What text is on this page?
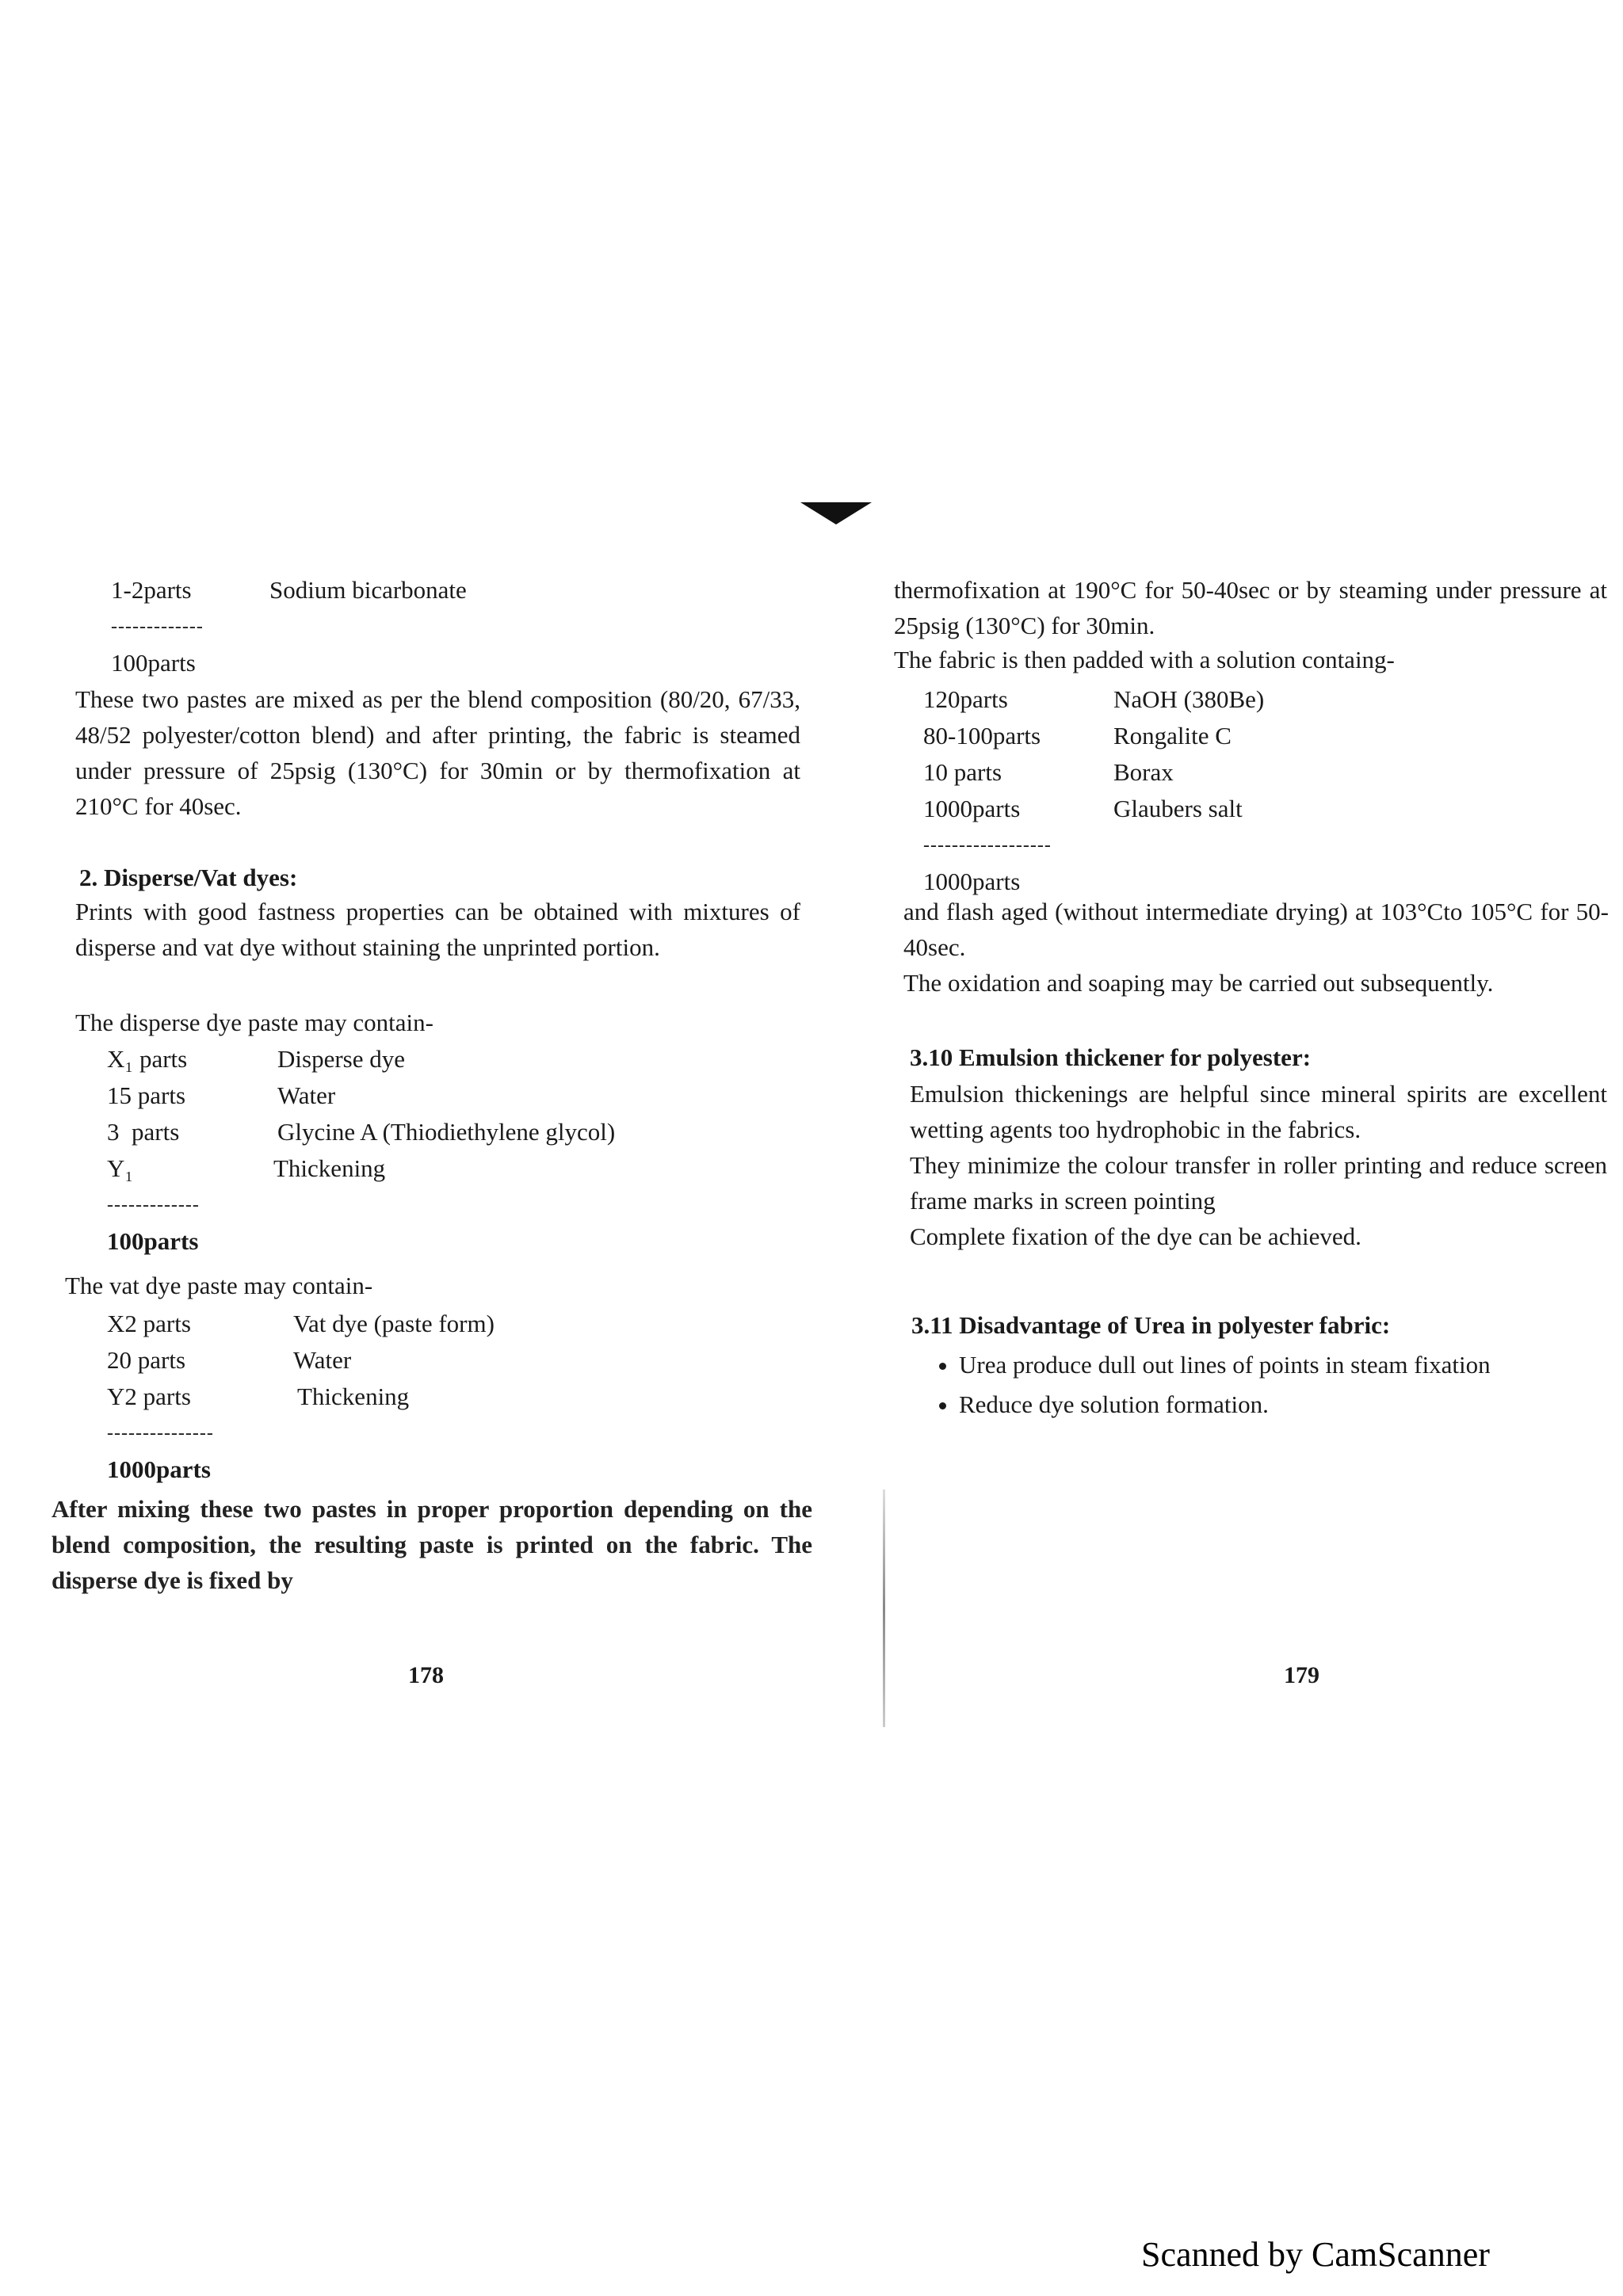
1-2parts	Sodium bicarbonate
-------------
100parts
These two pastes are mixed as per the blend composition (80/20, 67/33, 48/52 polyester/cotton blend) and after printing, the fabric is steamed under pressure of 25psig (130°C) for 30min or by thermofixation at 210°C for 40sec.
2. Disperse/Vat dyes:
Prints with good fastness properties can be obtained with mixtures of disperse and vat dye without staining the unprinted portion.
The disperse dye paste may contain-
X₁ parts	Disperse dye
15 parts	Water
3  parts	Glycine A (Thiodiethylene glycol)
Y₁	Thickening
-------------
100parts
The vat dye paste may contain-
X2 parts	Vat dye (paste form)
20 parts	Water
Y2 parts	Thickening
---------------
1000parts
After mixing these two pastes in proper proportion depending on the blend composition, the resulting paste is printed on the fabric. The disperse dye is fixed by
178
thermofixation at 190°C for 50-40sec or by steaming under pressure at 25psig (130°C) for 30min.
The fabric is then padded with a solution containg-
120parts	NaOH (380Be)
80-100parts	Rongalite C
10 parts	Borax
1000parts	Glaubers salt
------------------
1000parts
and flash aged (without intermediate drying) at 103°Cto 105°C for 50-40sec.
The oxidation and soaping may be carried out subsequently.
3.10 Emulsion thickener for polyester:
Emulsion thickenings are helpful since mineral spirits are excellent wetting agents too hydrophobic in the fabrics.
They minimize the colour transfer in roller printing and reduce screen frame marks in screen pointing
Complete fixation of the dye can be achieved.
3.11 Disadvantage of Urea in polyester fabric:
• Urea produce dull out lines of points in steam fixation
• Reduce dye solution formation.
179
Scanned by CamScanner
